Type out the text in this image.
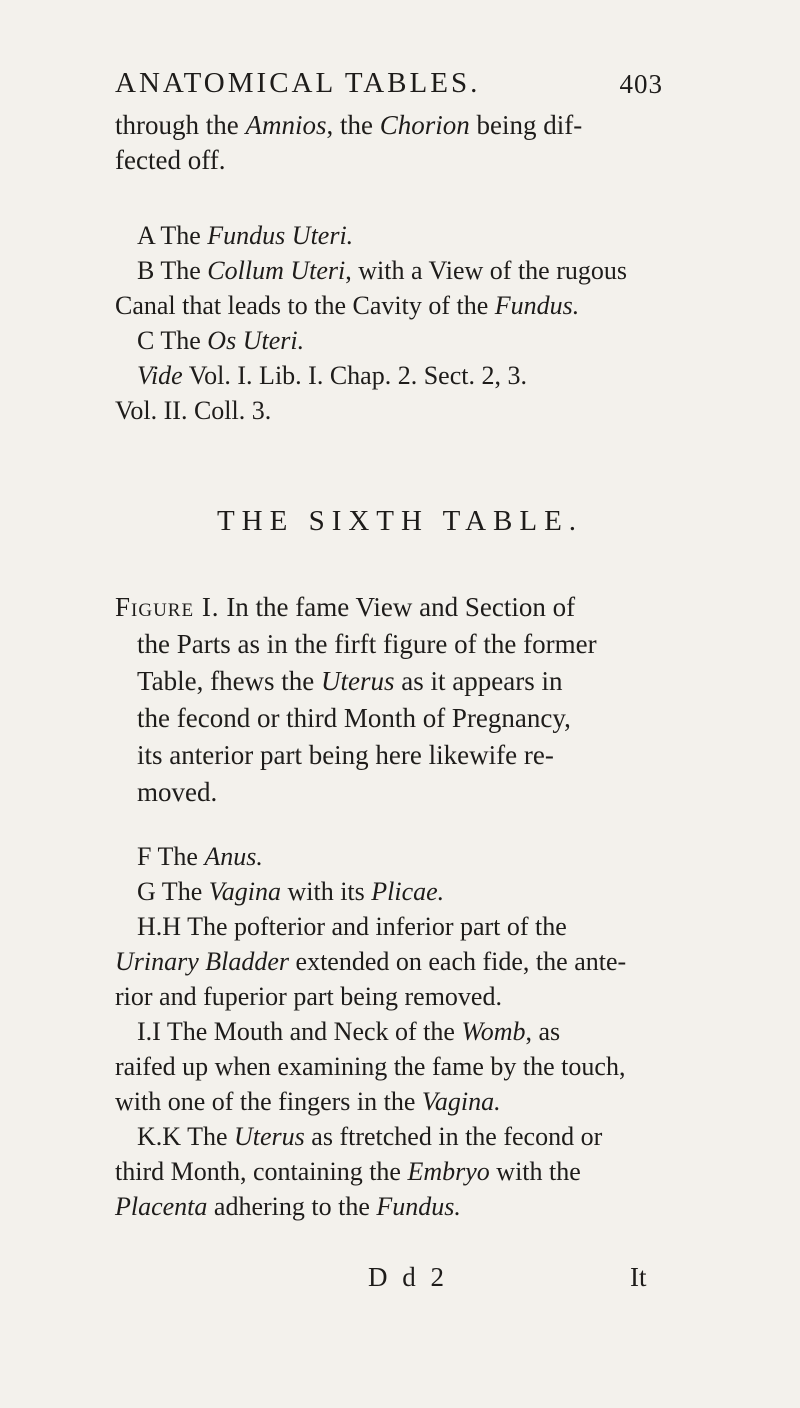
ANATOMICAL TABLES.	403
through the Amnios, the Chorion being dif-
fected off.
A The Fundus Uteri.
B The Collum Uteri, with a View of the rugous
Canal that leads to the Cavity of the Fundus.
C The Os Uteri.
Vide Vol. I. Lib. I. Chap. 2. Sect. 2, 3.
Vol. II. Coll. 3.
THE SIXTH TABLE.
Figure I. In the fame View and Section of
the Parts as in the firft figure of the former
Table, fhews the Uterus as it appears in
the fecond or third Month of Pregnancy,
its anterior part being here likewife re-
moved.
F The Anus.
G The Vagina with its Plicae.
H.H The pofterior and inferior part of the
Urinary Bladder extended on each fide, the ante-
rior and fuperior part being removed.
I.I The Mouth and Neck of the Womb, as
raifed up when examining the fame by the touch,
with one of the fingers in the Vagina.
K.K The Uterus as ftretched in the fecond or
third Month, containing the Embryo with the
Placenta adhering to the Fundus.
D d 2	It
